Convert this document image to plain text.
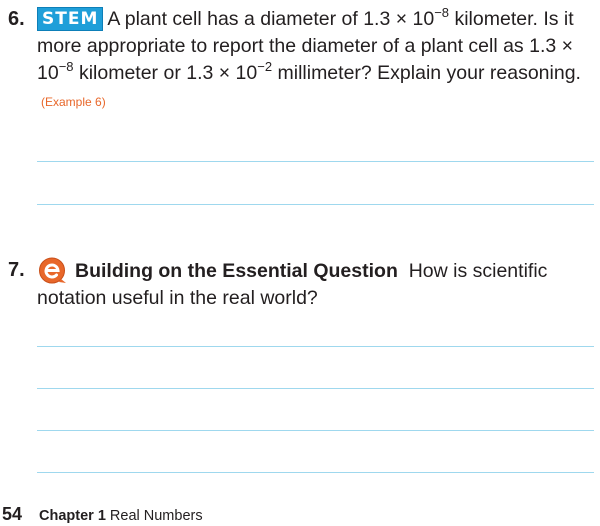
6. STEM A plant cell has a diameter of $1.3 \times 10^{-8}$ kilometer. Is it more appropriate to report the diameter of a plant cell as $1.3 \times 10^{-8}$ kilometer or $1.3 \times 10^{-2}$ millimeter? Explain your reasoning.(Example 6)
7.	Building on the Essential Question How is scientific notation useful in the real world?
54 Chapter 1 Real Numbers
